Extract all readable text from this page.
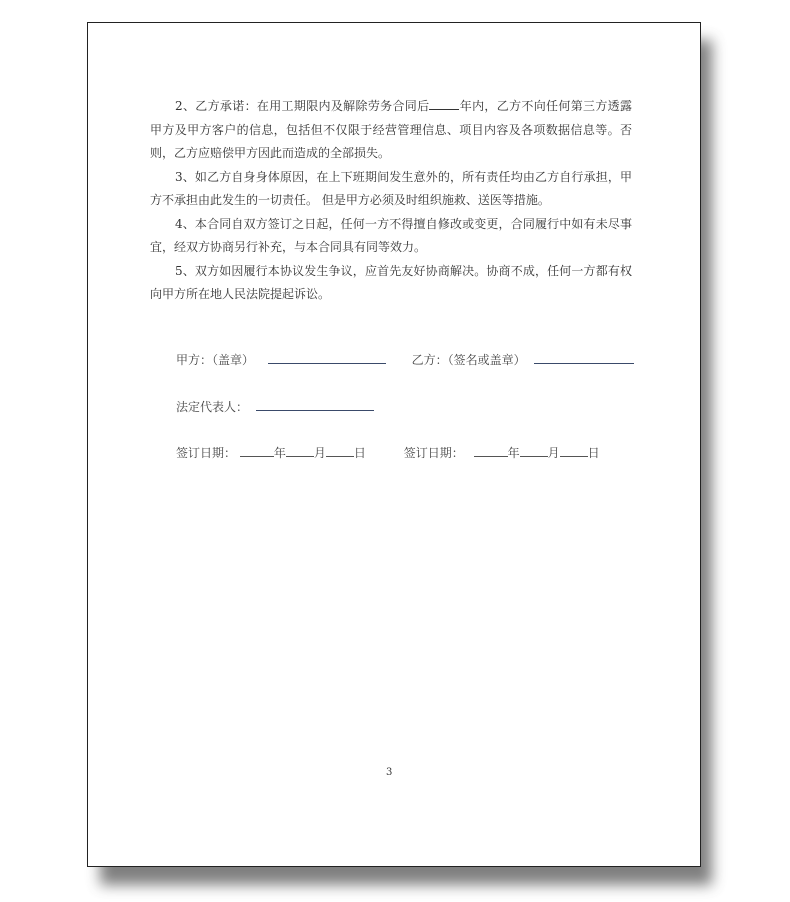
2、乙方承诺：在用工期限内及解除劳务合同后	年内，乙方不向任何第三方透露甲方及甲方客户的信息，包括但不仅限于经营管理信息、项目内容及各项数据信息等。否则，乙方应赔偿甲方因此而造成的全部损失。

3、如乙方自身身体原因，在上下班期间发生意外的，所有责任均由乙方自行承担，甲方不承担由此发生的一切责任。 但是甲方必须及时组织施救、送医等措施。

4、本合同自双方签订之日起，任何一方不得擅自修改或变更，合同履行中如有未尽事宜，经双方协商另行补充，与本合同具有同等效力。

5、双方如因履行本协议发生争议，应首先友好协商解决。协商不成，任何一方都有权向甲方所在地人民法院提起诉讼。

甲方：（盖章）	乙方：（签名或盖章）
法定代表人：
签订日期：	年 月 日	签订日期：	年 月 日
3
